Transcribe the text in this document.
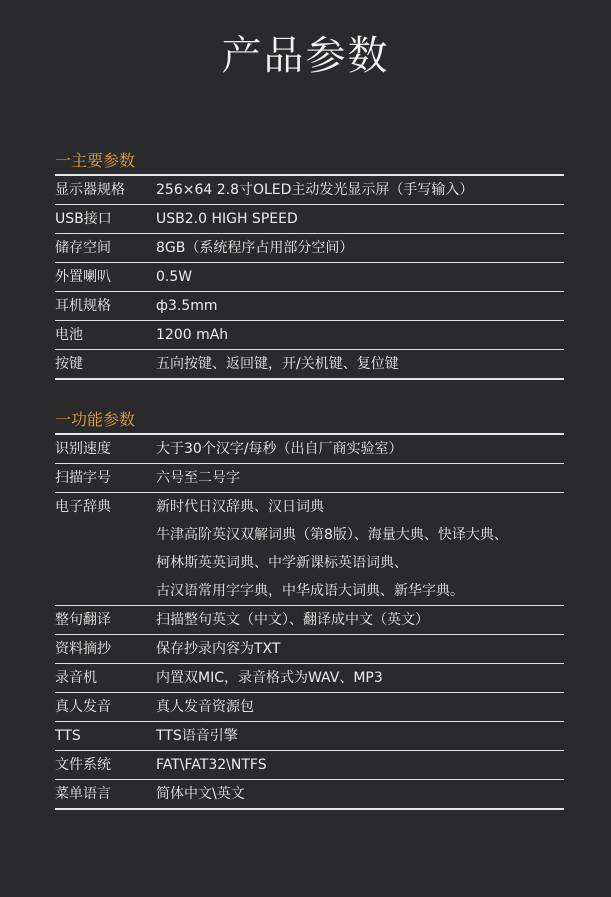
产品参数
一主要参数
显示器规格	256×64 2.8寸OLED主动发光显示屏（手写输入）
USB接口	USB2.0 HIGH SPEED
储存空间	8GB（系统程序占用部分空间）
外置喇叭	0.5W
耳机规格	ф3.5mm
电池	1200 mAh
按键	五向按键、返回键，开/关机键、复位键
一功能参数
识别速度	大于30个汉字/每秒（出自厂商实验室）
扫描字号	六号至二号字
电子辞典	新时代日汉辞典、汉日词典
牛津高阶英汉双解词典（第8版）、海量大典、快译大典、
柯林斯英英词典、中学新课标英语词典、
古汉语常用字字典，中华成语大词典、新华字典。
整句翻译	扫描整句英文（中文）、翻译成中文（英文）
资料摘抄	保存抄录内容为TXT
录音机	内置双MIC，录音格式为WAV、MP3
真人发音	真人发音资源包
TTS	TTS语音引擎
文件系统	FAT\FAT32\NTFS
菜单语言	简体中文\英文
